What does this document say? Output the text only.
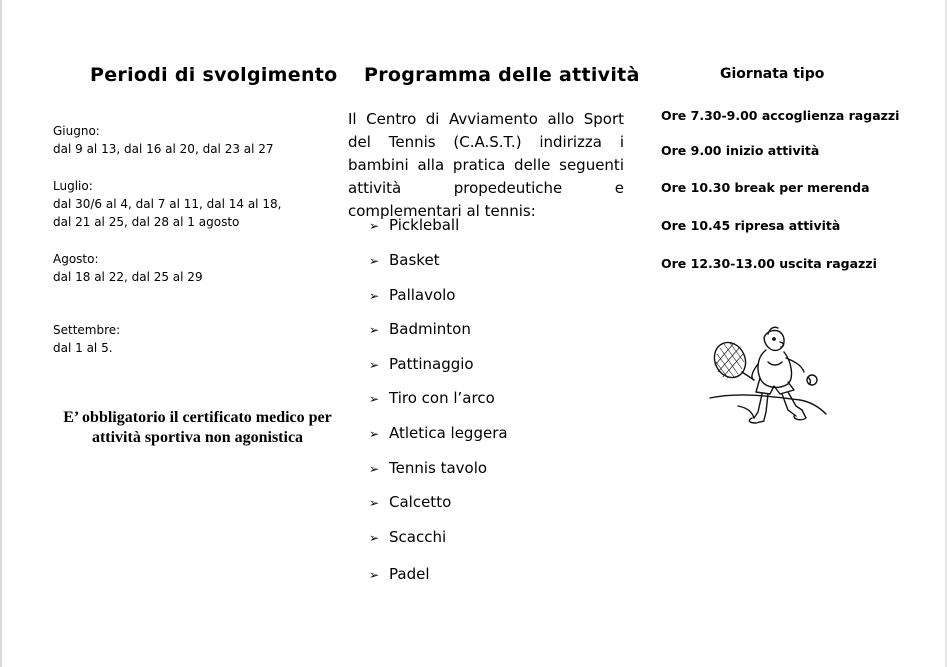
Periodi di svolgimento
Giugno:
dal 9 al 13, dal 16 al 20, dal 23 al 27
Luglio:
dal 30/6 al 4, dal 7 al 11, dal 14 al 18,
dal 21 al 25, dal 28 al 1 agosto
Agosto:
dal 18 al 22, dal 25 al 29
Settembre:
dal 1 al 5.
E’ obbligatorio il certificato medico per attività sportiva non agonistica
Programma delle attività
Il Centro di Avviamento allo Sport del Tennis (C.A.S.T.) indirizza i bambini alla pratica delle seguenti attività propedeutiche e complementari al tennis:
➢ Pickleball
➢ Basket
➢ Pallavolo
➢ Badminton
➢ Pattinaggio
➢ Tiro con l’arco
➢ Atletica leggera
➢ Tennis tavolo
➢ Calcetto
➢ Scacchi
➢ Padel
Giornata tipo
Ore 7.30-9.00 accoglienza ragazzi
Ore 9.00 inizio attività
Ore 10.30 break per merenda
Ore 10.45 ripresa attività
Ore 12.30-13.00 uscita ragazzi
